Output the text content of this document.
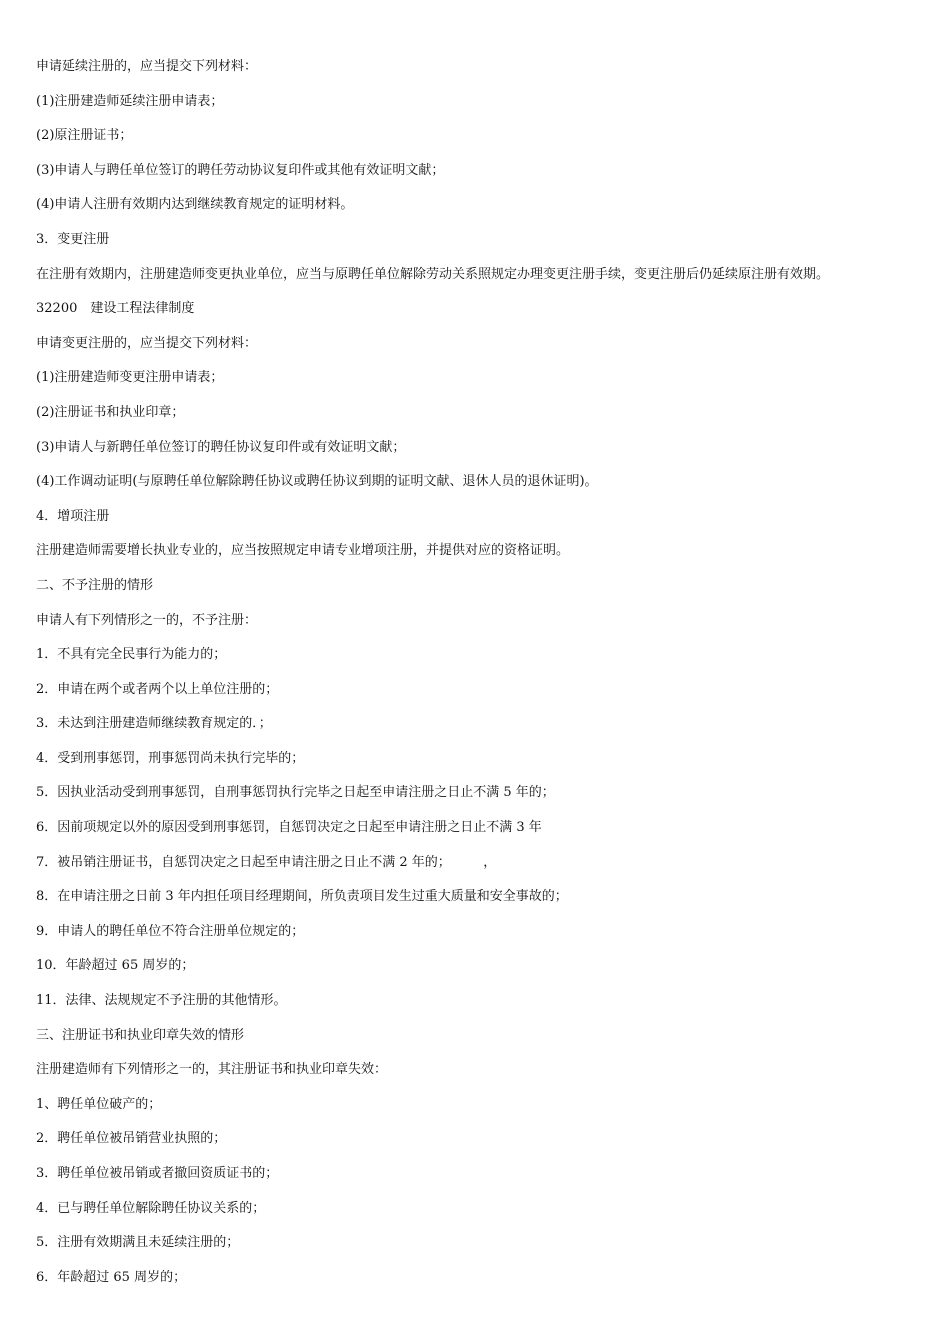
申请延续注册的，应当提交下列材料：
(1)注册建造师延续注册申请表；
(2)原注册证书；
(3)申请人与聘任单位签订的聘任劳动协议复印件或其他有效证明文献；
(4)申请人注册有效期内达到继续教育规定的证明材料。
3．变更注册
在注册有效期内，注册建造师变更执业单位，应当与原聘任单位解除劳动关系照规定办理变更注册手续，变更注册后仍延续原注册有效期。
32200　建设工程法律制度
申请变更注册的，应当提交下列材料：
(1)注册建造师变更注册申请表；
(2)注册证书和执业印章；
(3)申请人与新聘任单位签订的聘任协议复印件或有效证明文献；
(4)工作调动证明(与原聘任单位解除聘任协议或聘任协议到期的证明文献、退休人员的退休证明)。
4．增项注册
注册建造师需要增长执业专业的，应当按照规定申请专业增项注册，并提供对应的资格证明。
二、不予注册的情形
申请人有下列情形之一的，不予注册：
1．不具有完全民事行为能力的；
2．申请在两个或者两个以上单位注册的；
3．未达到注册建造师继续教育规定的．；
4．受到刑事惩罚，刑事惩罚尚未执行完毕的；
5．因执业活动受到刑事惩罚，自刑事惩罚执行完毕之日起至申请注册之日止不满 5 年的；
6．因前项规定以外的原因受到刑事惩罚，自惩罚决定之日起至申请注册之日止不满 3 年
7．被吊销注册证书，自惩罚决定之日起至申请注册之日止不满 2 年的；　　　，
8．在申请注册之日前 3 年内担任项目经理期间，所负责项目发生过重大质量和安全事故的；
9．申请人的聘任单位不符合注册单位规定的；
10．年龄超过 65 周岁的；
11．法律、法规规定不予注册的其他情形。
三、注册证书和执业印章失效的情形
注册建造师有下列情形之一的，其注册证书和执业印章失效：
1、聘任单位破产的；
2．聘任单位被吊销营业执照的；
3．聘任单位被吊销或者撤回资质证书的；
4．已与聘任单位解除聘任协议关系的；
5．注册有效期满且未延续注册的；
6．年龄超过 65 周岁的；
